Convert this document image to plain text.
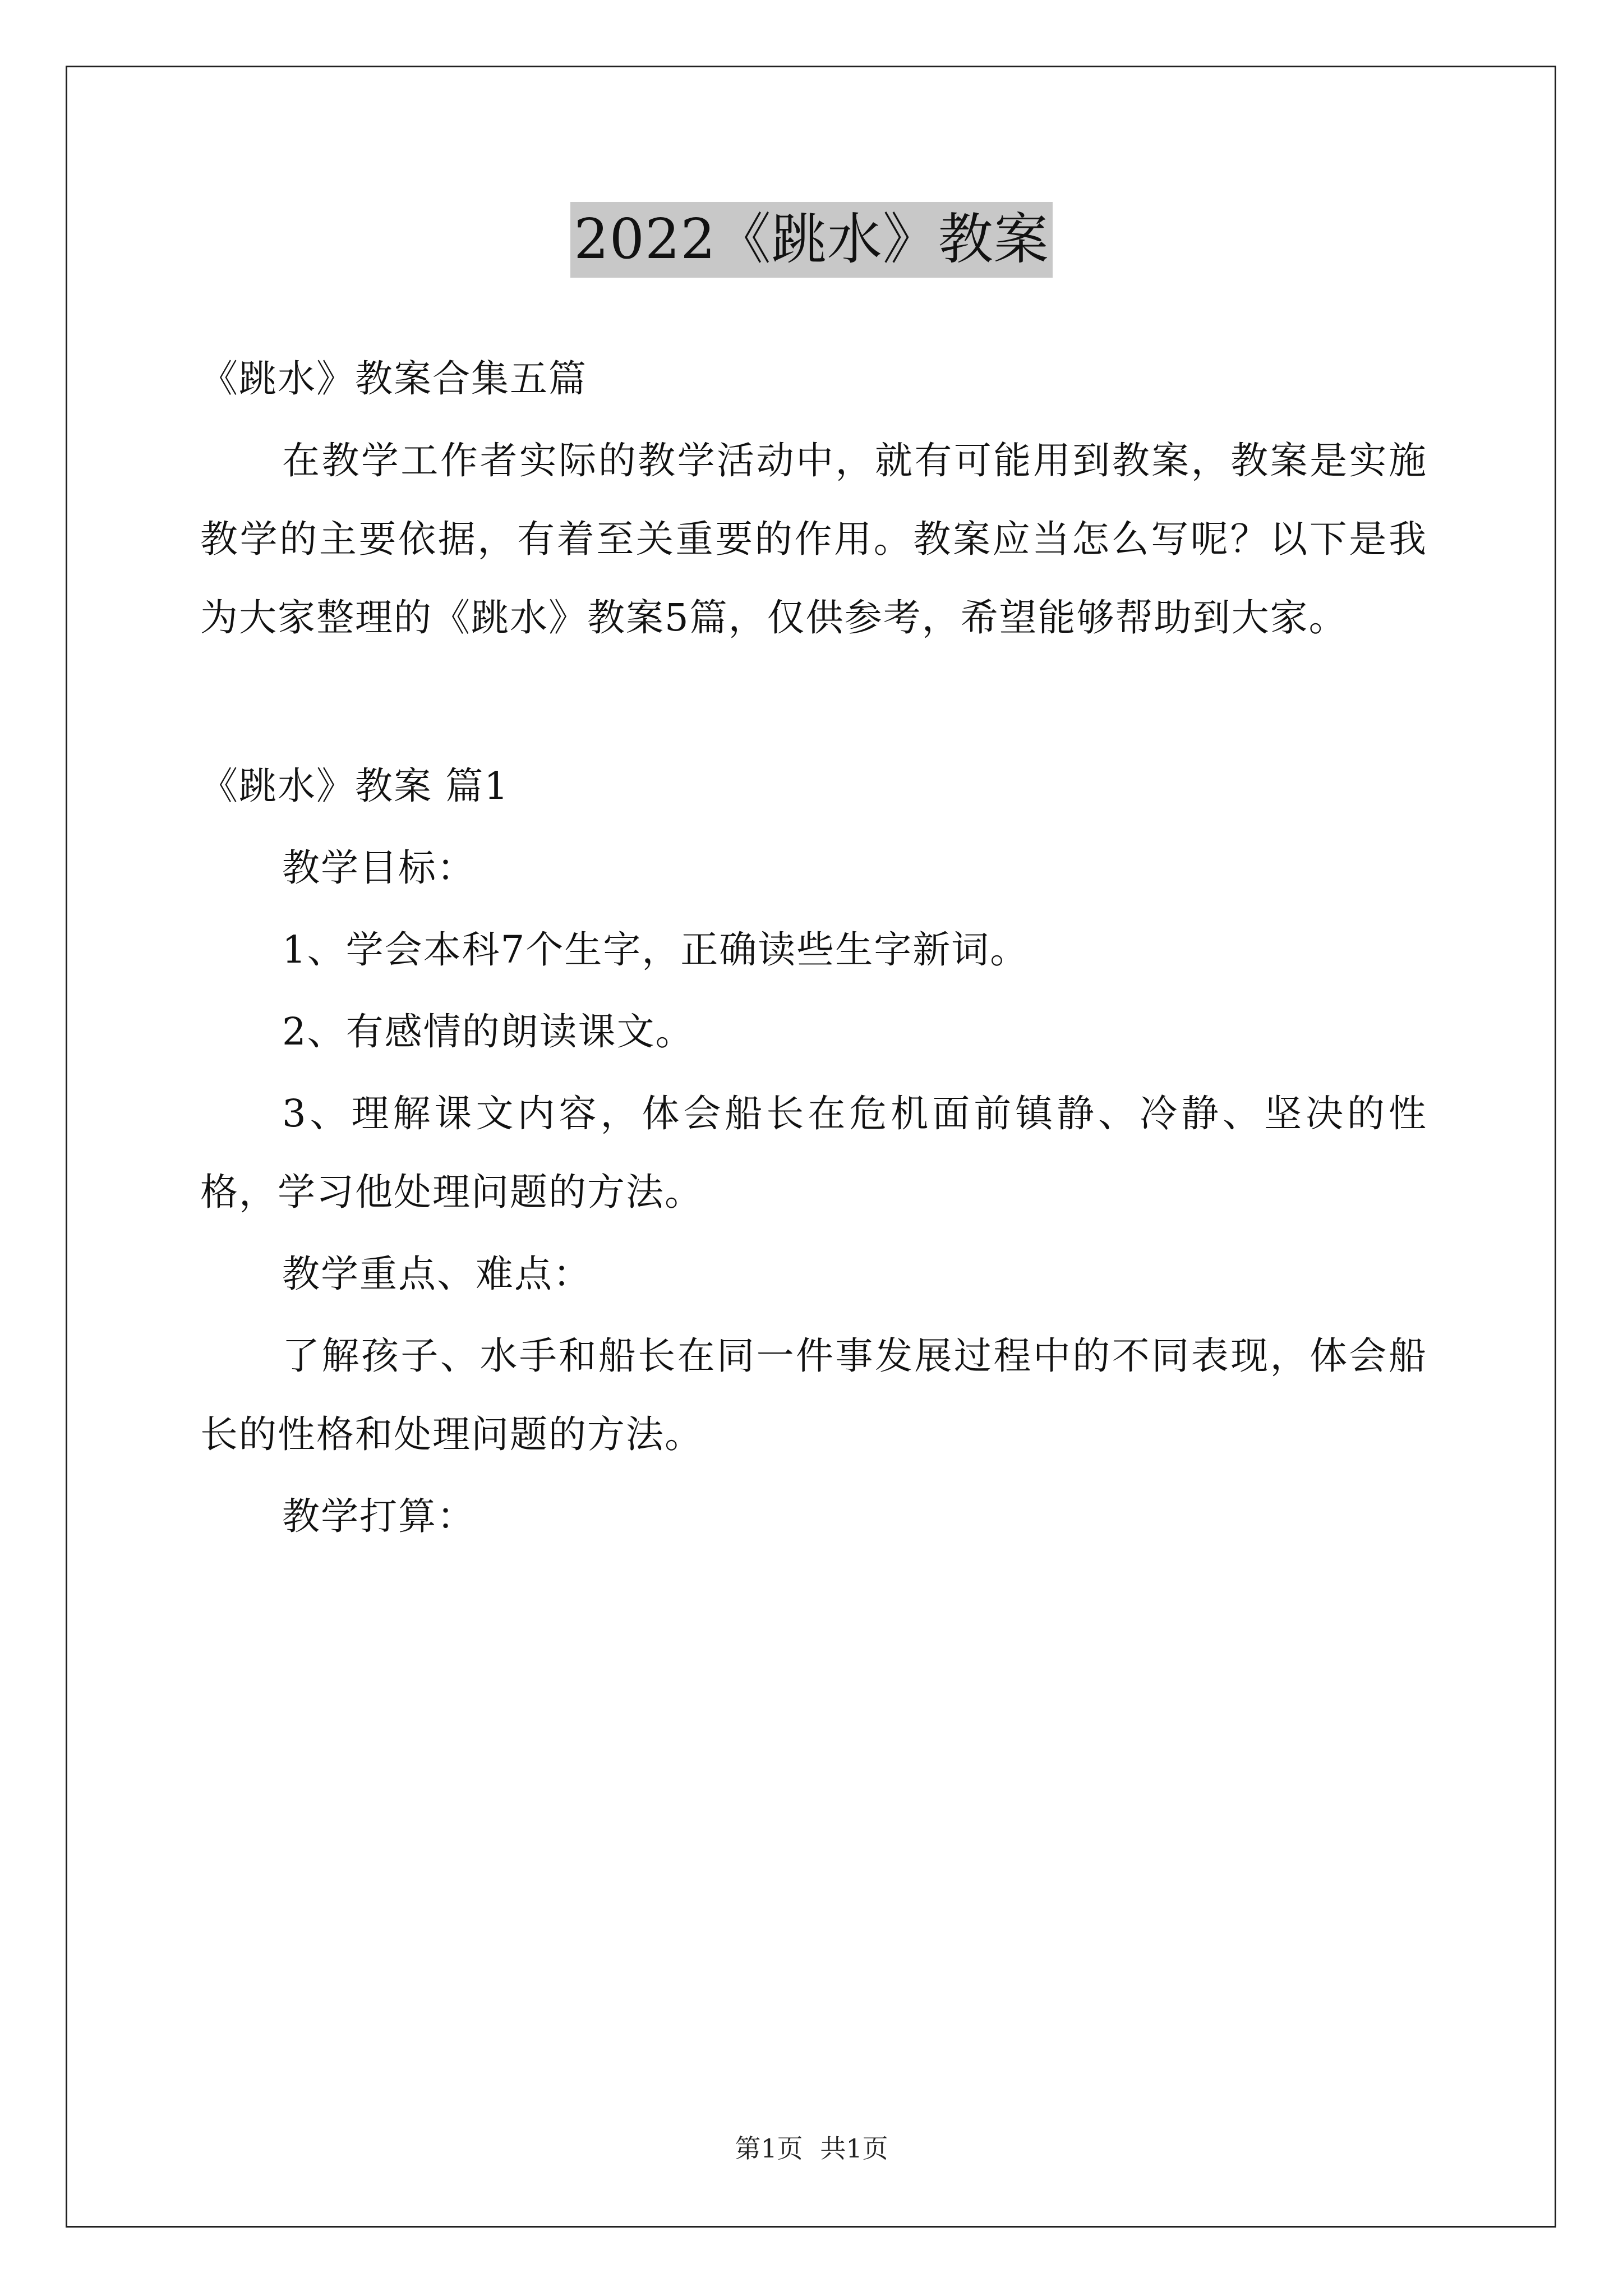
2022《跳水》教案

《跳水》教案合集五篇

在教学工作者实际的教学活动中，就有可能用到教案，教案是实施教学的主要依据，有着至关重要的作用。教案应当怎么写呢？以下是我为大家整理的《跳水》教案5篇，仅供参考，希望能够帮助到大家。

《跳水》教案 篇1

教学目标：

1、学会本科7个生字，正确读些生字新词。

2、有感情的朗读课文。

3、理解课文内容，体会船长在危机面前镇静、冷静、坚决的性格，学习他处理问题的方法。

教学重点、难点：

了解孩子、水手和船长在同一件事发展过程中的不同表现，体会船长的性格和处理问题的方法。

教学打算：

第1页 共1页
